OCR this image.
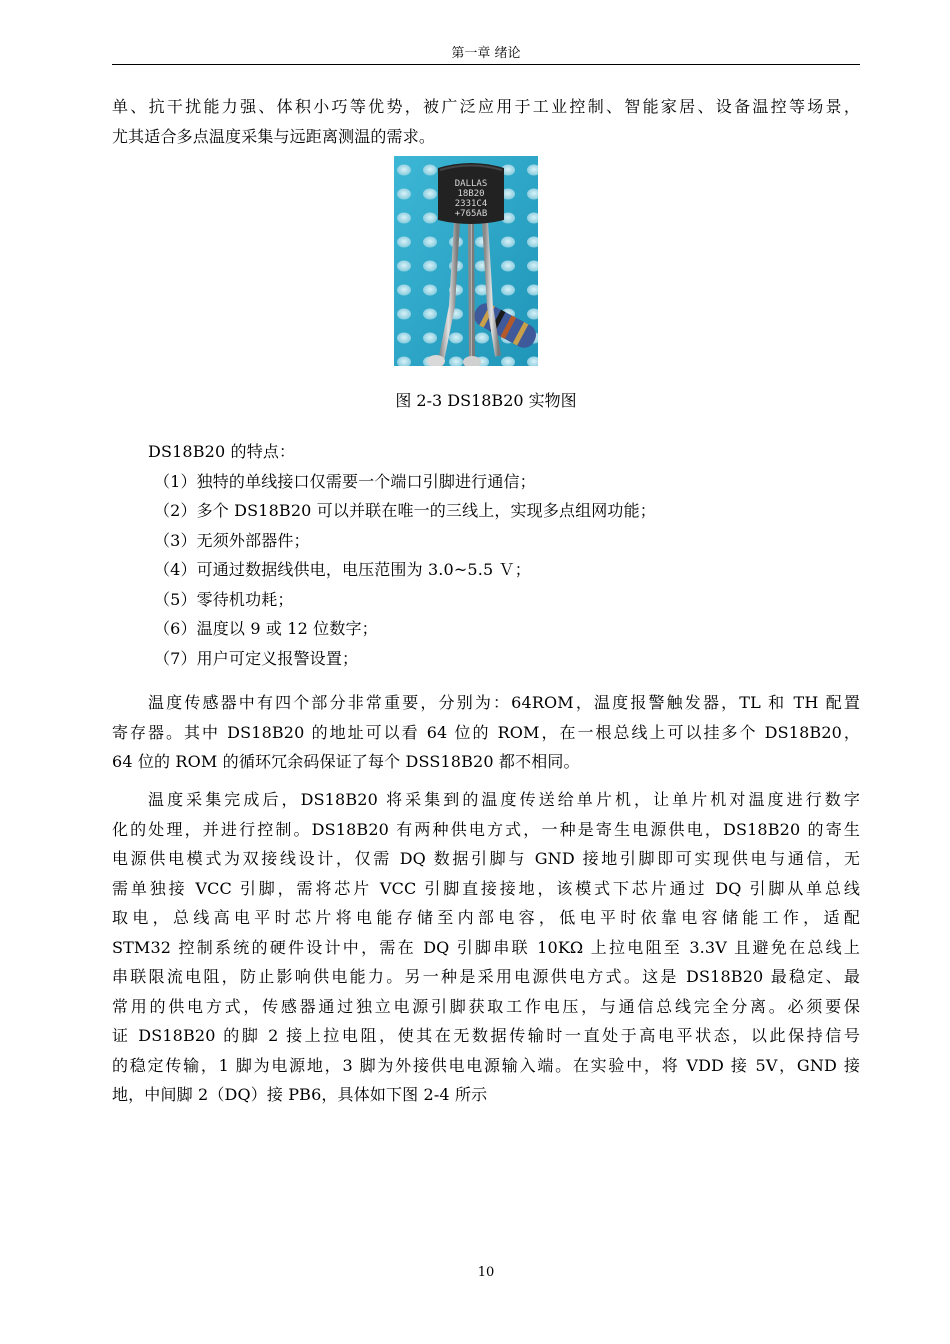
第一章 绪论

单、抗干扰能力强、体积小巧等优势，被广泛应用于工业控制、智能家居、设备温控等场景，

尤其适合多点温度采集与远距离测温的需求。

DALLAS
18B20
2331C4
+765AB
图 2-3 DS18B20 实物图

DS18B20 的特点：

（1）独特的单线接口仅需要一个端口引脚进行通信；

（2）多个 DS18B20 可以并联在唯一的三线上，实现多点组网功能；

（3）无须外部器件；

（4）可通过数据线供电，电压范围为 3.0~5.5 Ｖ；

（5）零待机功耗；

（6）温度以 9 或 12 位数字；

（7）用户可定义报警设置；

温度传感器中有四个部分非常重要，分别为：64ROM，温度报警触发器，TL 和 TH 配置

寄存器。其中 DS18B20 的地址可以看 64 位的 ROM，在一根总线上可以挂多个 DS18B20，

64 位的 ROM 的循环冗余码保证了每个 DSS18B20 都不相同。

温度采集完成后，DS18B20 将采集到的温度传送给单片机，让单片机对温度进行数字

化的处理，并进行控制。DS18B20 有两种供电方式，一种是寄生电源供电，DS18B20 的寄生

电源供电模式为双接线设计，仅需 DQ 数据引脚与 GND 接地引脚即可实现供电与通信，无

需单独接 VCC 引脚，需将芯片 VCC 引脚直接接地，该模式下芯片通过 DQ 引脚从单总线

取电，总线高电平时芯片将电能存储至内部电容，低电平时依靠电容储能工作，适配

STM32 控制系统的硬件设计中，需在 DQ 引脚串联 10KΩ 上拉电阻至 3.3V 且避免在总线上

串联限流电阻，防止影响供电能力。另一种是采用电源供电方式。这是 DS18B20 最稳定、最

常用的供电方式，传感器通过独立电源引脚获取工作电压，与通信总线完全分离。必须要保

证 DS18B20 的脚 2 接上拉电阻，使其在无数据传输时一直处于高电平状态，以此保持信号

的稳定传输，1 脚为电源地，3 脚为外接供电电源输入端。在实验中，将 VDD 接 5V，GND 接

地，中间脚 2（DQ）接 PB6，具体如下图 2-4 所示

10
